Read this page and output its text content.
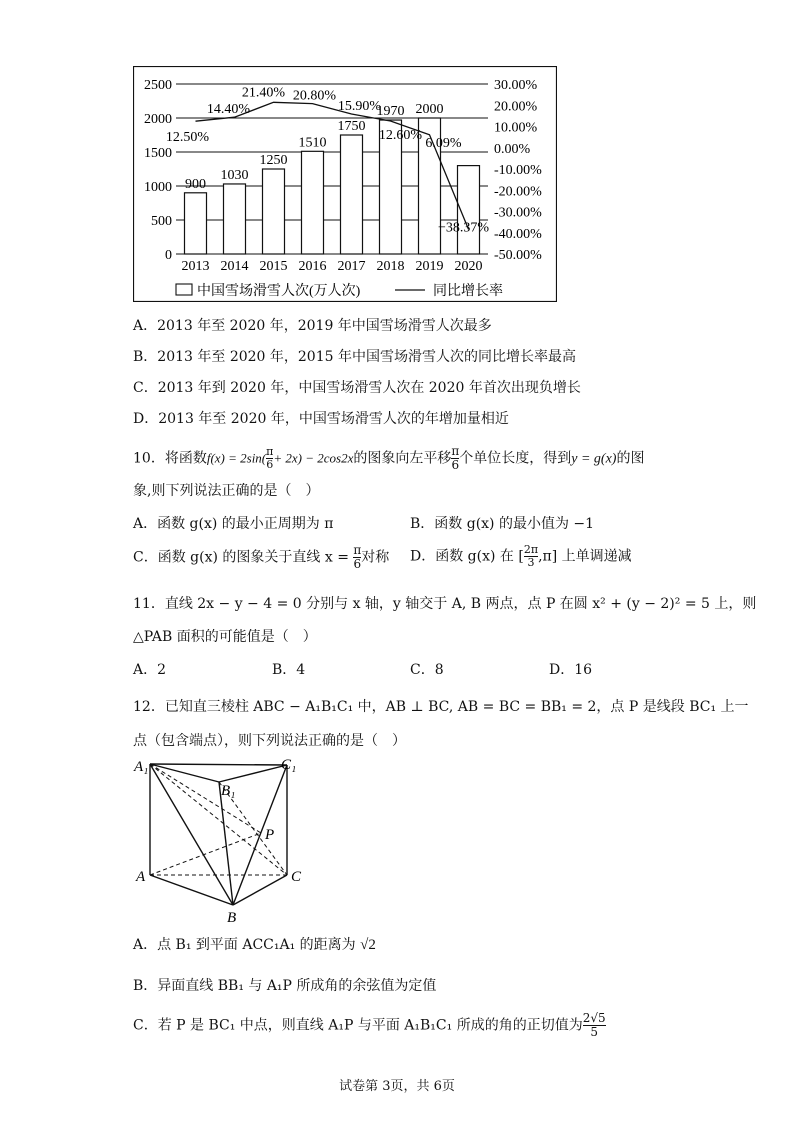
0
500
1000
1500
2000
2500	30.00%
20.00%
10.00%
0.00%
-10.00%
-20.00%
-30.00%
-40.00%
-50.00%
900
1030
1250
1510
1750
1970 2000
2013 2014 2015 2016 2017 2018 2019 2020
12.50%
14.40%
21.40% 20.80%
15.90%
12.60%
6.09%
−38.37%
中国雪场滑雪人次(万人次)	同比增长率
A．2013 年至 2020 年，2019 年中国雪场滑雪人次最多
B．2013 年至 2020 年，2015 年中国雪场滑雪人次的同比增长率最高
C．2013 年到 2020 年，中国雪场滑雪人次在 2020 年首次出现负增长
D．2013 年至 2020 年，中国雪场滑雪人次的年增加量相近
10．将函数$f(x) = 2\sin( \frac{\pi}{6} + 2x) - 2\cos 2x$的图象向左平移 $\frac{\pi}{6}$ 个单位长度，得到y = g(x)的图
象,则下列说法正确的是（　）
A．函数 g(x) 的最小正周期为 π	B．函数 g(x) 的最小值为 −1
C．函数 g(x) 的图象关于直线 $x = \frac{\pi}{6}$ 对称 D．函数 g(x) 在 [ $\frac{2\pi}{3} ,\pi$] 上单调递减
11．直线 2x − y − 4 = 0 分别与 x 轴，y 轴交于 A, B 两点，点 P 在圆 x² + (y − 2)² = 5 上，则
△PAB 面积的可能值是（　）
A．2	B．4	C．8	D．16
12．已知直三棱柱 ABC − A₁B₁C₁ 中，AB ⊥ BC, AB = BC = BB₁ = 2，点 P 是线段 BC₁ 上一
点（包含端点），则下列说法正确的是（　）
A₁
B₁
C₁
P
A
B
C
A．点 B₁ 到平面 ACC₁A₁ 的距离为 √2
B．异面直线 BB₁ 与 A₁P 所成角的余弦值为定值
C．若 P 是 BC₁ 中点，则直线 A₁P 与平面 A₁B₁C₁ 所成的角的正切值为 $\frac{2√5}{5}$
试卷第 3页，共 6页
